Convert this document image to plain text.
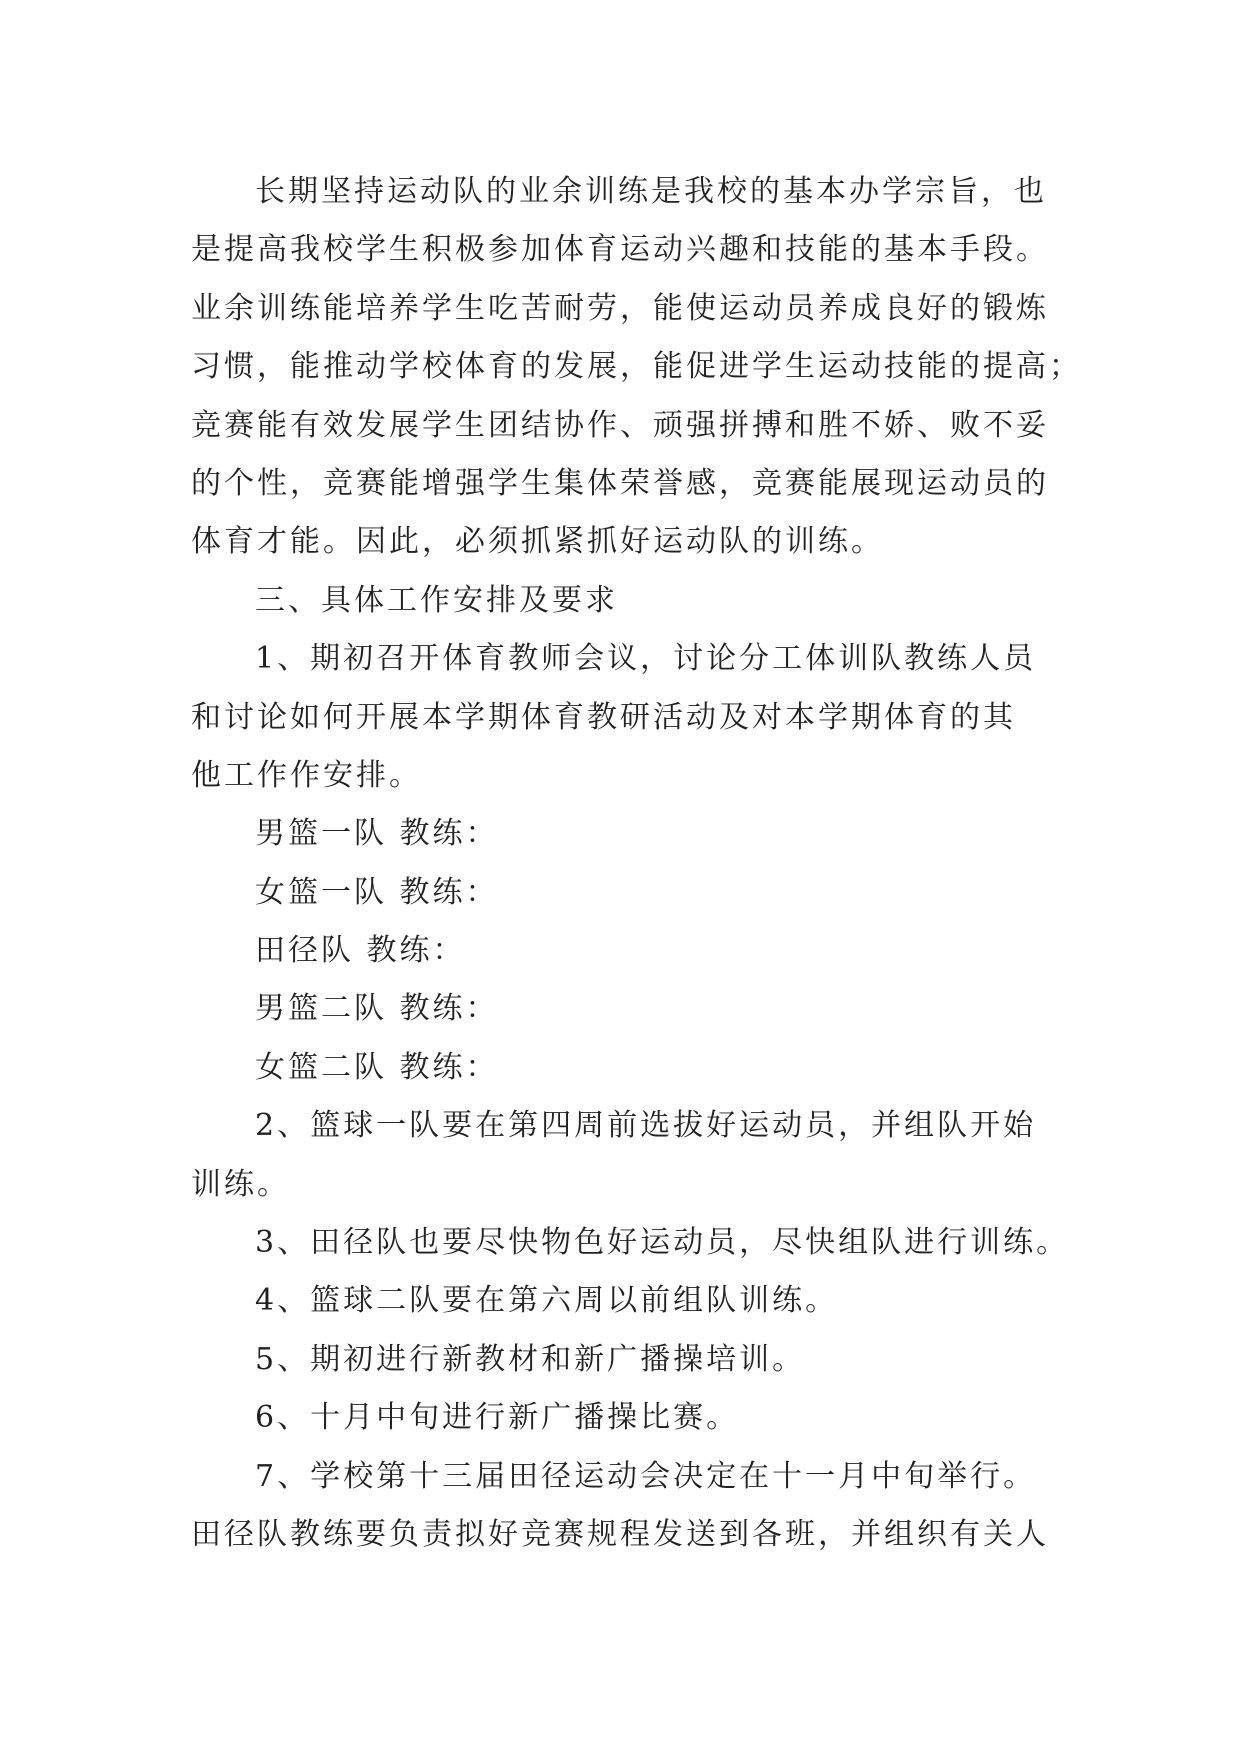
长期坚持运动队的业余训练是我校的基本办学宗旨，也
是提高我校学生积极参加体育运动兴趣和技能的基本手段。
业余训练能培养学生吃苦耐劳，能使运动员养成良好的锻炼
习惯，能推动学校体育的发展，能促进学生运动技能的提高；
竞赛能有效发展学生团结协作、顽强拼搏和胜不娇、败不妥
的个性，竞赛能增强学生集体荣誉感，竞赛能展现运动员的
体育才能。因此，必须抓紧抓好运动队的训练。
三、具体工作安排及要求
1、期初召开体育教师会议，讨论分工体训队教练人员
和讨论如何开展本学期体育教研活动及对本学期体育的其
他工作作安排。
男篮一队 教练：
女篮一队 教练：
田径队 教练：
男篮二队 教练：
女篮二队 教练：
2、篮球一队要在第四周前选拔好运动员，并组队开始
训练。
3、田径队也要尽快物色好运动员，尽快组队进行训练。
4、篮球二队要在第六周以前组队训练。
5、期初进行新教材和新广播操培训。
6、十月中旬进行新广播操比赛。
7、学校第十三届田径运动会决定在十一月中旬举行。
田径队教练要负责拟好竞赛规程发送到各班，并组织有关人
